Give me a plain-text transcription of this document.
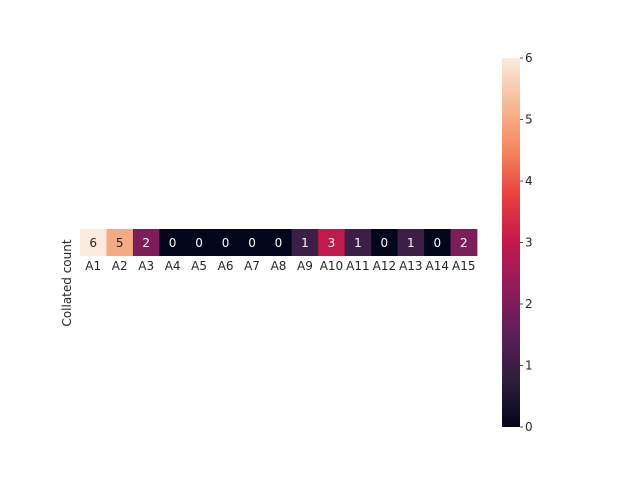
6 5 2 0 0 0 0 0 1 3 1 0 1 0 2
A1 A2 A3 A4 A5 A6 A7 A8 A9 A10 A11 A12 A13 A14 A15
Collated count
0
1
2
3
4
5
6
